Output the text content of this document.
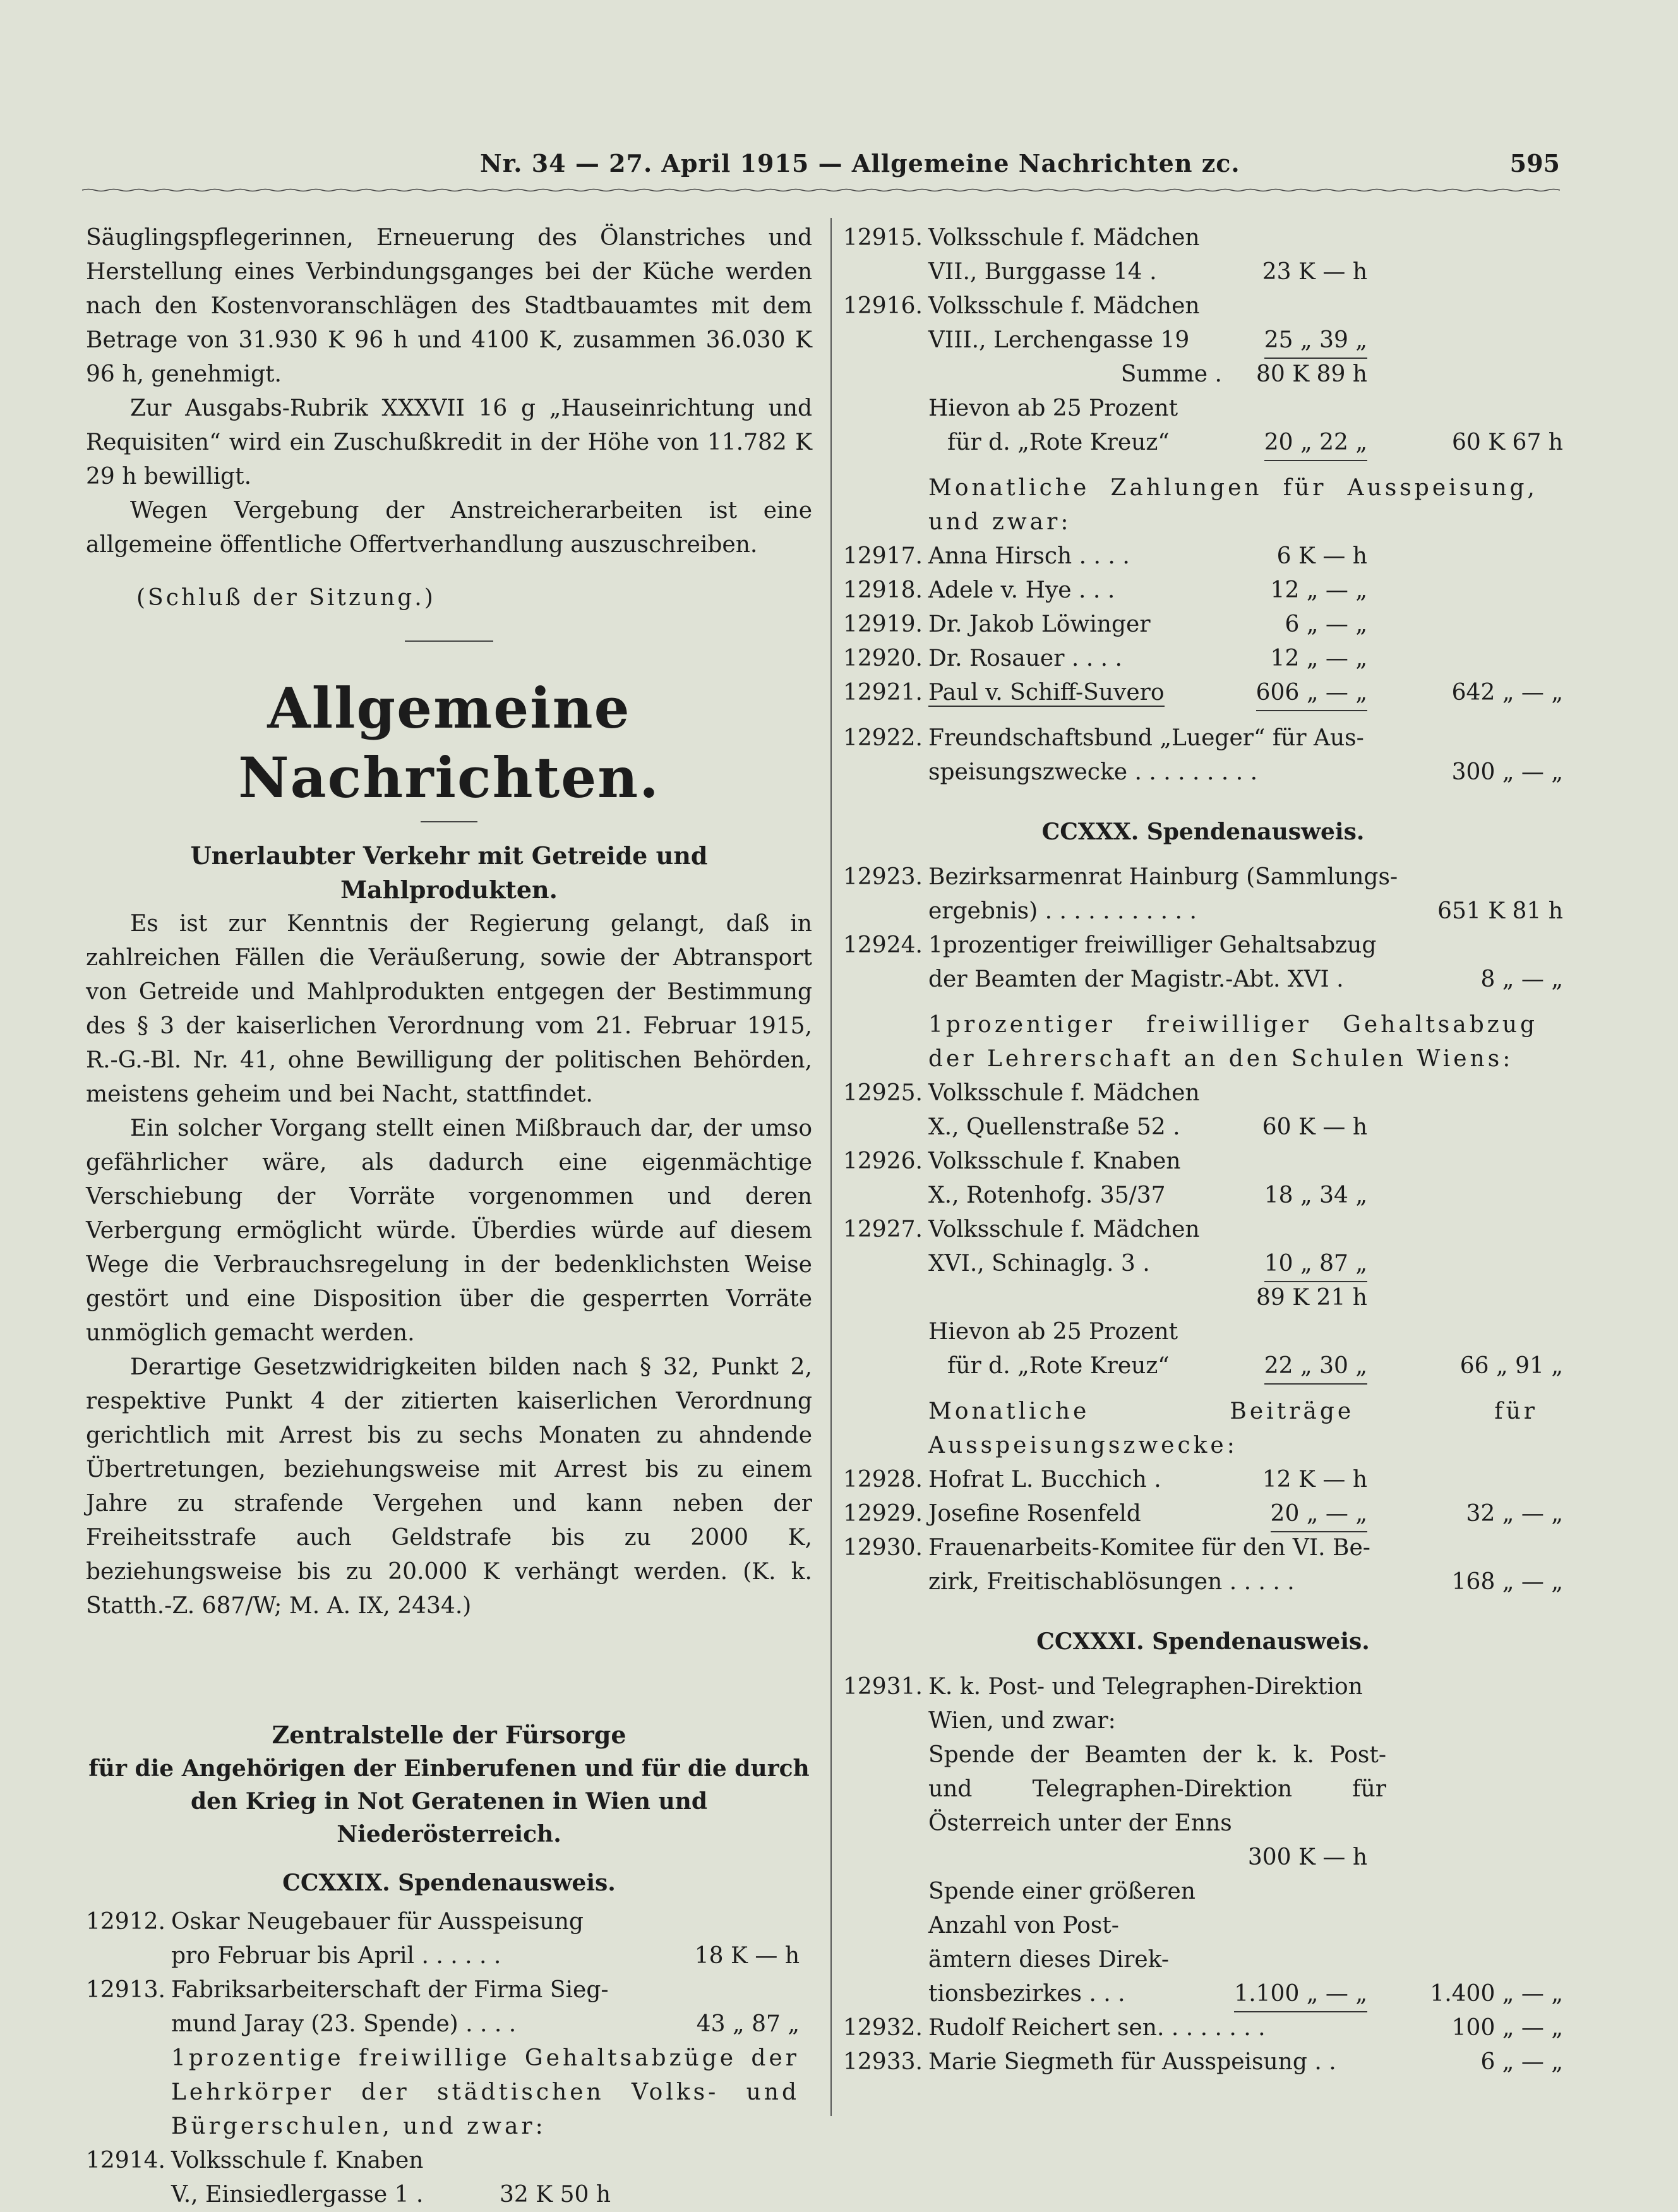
Nr. 34 — 27. April 1915 — Allgemeine Nachrichten zc.	595

Säuglingspflegerinnen, Erneuerung des Ölanstriches und Herstellung eines Verbindungsganges bei der Küche werden nach den Kostenvoranschlägen des Stadtbauamtes mit dem Betrage von 31.930 K 96 h und 4100 K, zusammen 36.030 K 96 h, genehmigt.

Zur Ausgabs-Rubrik XXXVII 16 g „Hauseinrichtung und Requisiten“ wird ein Zuschußkredit in der Höhe von 11.782 K 29 h bewilligt.

Wegen Vergebung der Anstreicherarbeiten ist eine allgemeine öffentliche Offertverhandlung auszuschreiben.

(Schluß der Sitzung.)

Allgemeine Nachrichten.
Unerlaubter Verkehr mit Getreide und Mahlprodukten.

Es ist zur Kenntnis der Regierung gelangt, daß in zahlreichen Fällen die Veräußerung, sowie der Abtransport von Getreide und Mahlprodukten entgegen der Bestimmung des § 3 der kaiserlichen Verordnung vom 21. Februar 1915, R.-G.-Bl. Nr. 41, ohne Bewilligung der politischen Behörden, meistens geheim und bei Nacht, stattfindet.

Ein solcher Vorgang stellt einen Mißbrauch dar, der umso gefährlicher wäre, als dadurch eine eigenmächtige Verschiebung der Vorräte vorgenommen und deren Verbergung ermöglicht würde. Überdies würde auf diesem Wege die Verbrauchsregelung in der bedenklichsten Weise gestört und eine Disposition über die gesperrten Vorräte unmöglich gemacht werden.

Derartige Gesetzwidrigkeiten bilden nach § 32, Punkt 2, respektive Punkt 4 der zitierten kaiserlichen Verordnung gerichtlich mit Arrest bis zu sechs Monaten zu ahndende Übertretungen, beziehungsweise mit Arrest bis zu einem Jahre zu strafende Vergehen und kann neben der Freiheitsstrafe auch Geldstrafe bis zu 2000 K, beziehungsweise bis zu 20.000 K verhängt werden. (K. k. Statth.-Z. 687/W; M. A. IX, 2434.)

Zentralstelle der Fürsorge
für die Angehörigen der Einberufenen und für die durch den Krieg in Not Geratenen in Wien und Niederösterreich.
CCXXIX. Spendenausweis.
12912. Oskar Neugebauer für Ausspeisung
pro Februar bis April . . . . . .	18 K — h
12913. Fabriksarbeiterschaft der Firma Sieg-
mund Jaray (23. Spende) . . . .	43 „ 87 „

1prozentige freiwillige Gehaltsabzüge der Lehrkörper der städtischen Volks- und Bürgerschulen, und zwar:

12914. Volksschule f. Knaben
V., Einsiedlergasse 1 .	32 K 50 h
12915. Volksschule f. Mädchen
VII., Burggasse 14 .	23 K — h
12916. Volksschule f. Mädchen
VIII., Lerchengasse 19	25 „ 39 „
Summe . 80 K 89 h
Hievon ab 25 Prozent
für d. „Rote Kreuz“	20 „ 22 „	60 K 67 h

Monatliche Zahlungen für Ausspeisung, und zwar:

12917. Anna Hirsch . . . .	6 K — h
12918. Adele v. Hye . . .	12 „ — „
12919. Dr. Jakob Löwinger	6 „ — „
12920. Dr. Rosauer . . . .	12 „ — „
12921. Paul v. Schiff-Suvero	606 „ — „	642 „ — „
12922. Freundschaftsbund „Lueger“ für Aus-
speisungszwecke . . . . . . . . .	300 „ — „
CCXXX. Spendenausweis.
12923. Bezirksarmenrat Hainburg (Sammlungs-
ergebnis) . . . . . . . . . . .	651 K 81 h
12924. 1prozentiger freiwilliger Gehaltsabzug
der Beamten der Magistr.-Abt. XVI .	8 „ — „

1prozentiger freiwilliger Gehaltsabzug der Lehrerschaft an den Schulen Wiens:

12925. Volksschule f. Mädchen
X., Quellenstraße 52 .	60 K — h
12926. Volksschule f. Knaben
X., Rotenhofg. 35/37	18 „ 34 „
12927. Volksschule f. Mädchen
XVI., Schinaglg. 3 .	10 „ 87 „
89 K 21 h
Hievon ab 25 Prozent
für d. „Rote Kreuz“	22 „ 30 „	66 „ 91 „

Monatliche Beiträge für Ausspeisungszwecke:

12928. Hofrat L. Bucchich .	12 K — h
12929. Josefine Rosenfeld	20 „ — „	32 „ — „
12930. Frauenarbeits-Komitee für den VI. Be-
zirk, Freitischablösungen . . . . .	168 „ — „
CCXXXI. Spendenausweis.
12931. K. k. Post- und Telegraphen-Direktion
Wien, und zwar:

Spende der Beamten der k. k. Post- und Telegraphen-Direktion für Österreich unter der Enns

300 K — h
Spende einer größeren
Anzahl von Post-
ämtern dieses Direk-
tionsbezirkes . . .	1.100 „ — „	1.400 „ — „
12932. Rudolf Reichert sen. . . . . . . .	100 „ — „
12933. Marie Siegmeth für Ausspeisung . .	6 „ — „
